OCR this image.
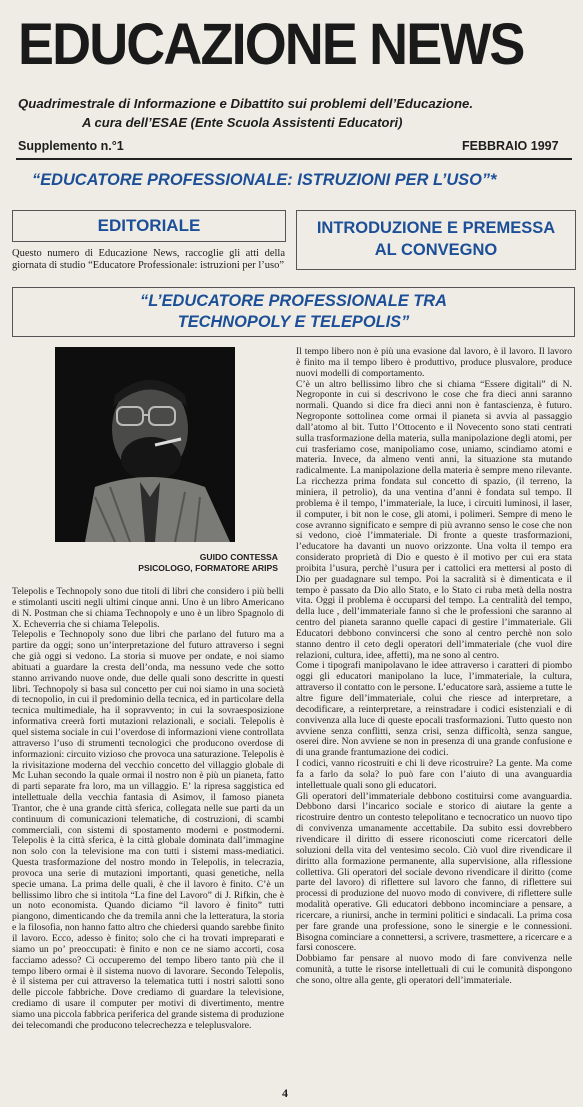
EDUCAZIONE NEWS
Quadrimestrale di Informazione e Dibattito sui problemi dell’Educazione.
A cura dell’ESAE (Ente Scuola Assistenti Educatori)
Supplemento n.°1	FEBBRAIO 1997
“EDUCATORE PROFESSIONALE: ISTRUZIONI PER L’USO”*
EDITORIALE
Questo numero di Educazione News, raccoglie gli atti della giornata di studio “Educatore Professionale: istruzioni per l’uso”
INTRODUZIONE E PREMESSA
AL CONVEGNO
“L’EDUCATORE PROFESSIONALE TRA
TECHNOPOLY E TELEPOLIS”
GUIDO CONTESSA
PSICOLOGO, FORMATORE ARIPS
Telepolis e Technopoly sono due titoli di libri che considero i più belli e stimolanti usciti negli ultimi cinque anni. Uno è un libro Americano di N. Postman che si chiama Technopoly e uno è un libro Spagnolo di X. Echeverria che si chiama Telepolis.
Telepolis e Technopoly sono due libri che parlano del futuro ma a partire da oggi; sono un’interpretazione del futuro attraverso i segni che già oggi si vedono. La storia si muove per ondate, e noi siamo abituati a guardare la cresta dell’onda, ma nessuno vede che sotto stanno arrivando nuove onde, due delle quali sono descritte in questi libri. Technopoly si basa sul concetto per cui noi siamo in una società di tecnopolio, in cui il predominio della tecnica, ed in particolare della tecnica multimediale, ha il sopravvento; in cui la sovraesposizione informativa creerà forti mutazioni relazionali, e sociali. Telepolis è quel sistema sociale in cui l’overdose di informazioni viene controllata attraverso l’uso di strumenti tecnologici che producono overdose di informazioni: circuito vizioso che provoca una saturazione. Telepolis è la rivisitazione moderna del vecchio concetto del villaggio globale di Mc Luhan secondo la quale ormai il nostro non è più un pianeta, fatto di parti separate fra loro, ma un villaggio. E’ la ripresa saggistica ed intellettuale della vecchia fantasia di Asimov, il famoso pianeta Trantor, che è una grande città sferica, collegata nelle sue parti da un continuum di comunicazioni telematiche, di costruzioni, di scambi commerciali, con sistemi di spostamento moderni e postmoderni. Telepolis è la città sferica, è la città globale dominata dall’immagine non solo con la televisione ma con tutti i sistemi mass-mediatici. Questa trasformazione del nostro mondo in Telepolis, in telecrazia, provoca una serie di mutazioni importanti, quasi genetiche, nella specie umana. La prima delle quali, è che il lavoro è finito. C’è un bellissimo libro che si intitola “La fine del Lavoro” di J. Rifkin, che è un noto economista. Quando diciamo “il lavoro è finito” tutti piangono, dimenticando che da tremila anni che la letteratura, la storia e la filosofia, non hanno fatto altro che chiedersi quando sarebbe finito il lavoro. Ecco, adesso è finito; solo che ci ha trovati impreparati e siamo un po’ preoccupati: è finito e non ce ne siamo accorti, cosa facciamo adesso? Ci occuperemo del tempo libero tanto più che il tempo libero ormai è il sistema nuovo di lavorare. Secondo Telepolis, è il sistema per cui attraverso la telematica tutti i nostri salotti sono delle piccole fabbriche. Dove crediamo di guardare la televisione, crediamo di usare il computer per motivi di divertimento, mentre siamo una piccola fabbrica periferica del grande sistema di produzione dei telecomandi che producono telecrechezza e teleplusvalore.
Il tempo libero non è più una evasione dal lavoro, è il lavoro. Il lavoro è finito ma il tempo libero è produttivo, produce plusvalore, produce nuovi modelli di comportamento.
C’è un altro bellissimo libro che si chiama “Essere digitali” di N. Negroponte in cui si descrivono le cose che fra dieci anni saranno normali. Quando si dice fra dieci anni non è fantascienza, è futuro. Negroponte sottolinea come ormai il pianeta si avvia al passaggio dall’atomo al bit. Tutto l’Ottocento e il Novecento sono stati centrati sulla trasformazione della materia, sulla manipolazione degli atomi, per cui trasferiamo cose, manipoliamo cose, uniamo, scindiamo atomi e materia. Invece, da almeno venti anni, la situazione sta mutando radicalmente. La manipolazione della materia è sempre meno rilevante. La ricchezza prima fondata sul concetto di spazio, (il terreno, la miniera, il petrolio), da una ventina d’anni è fondata sul tempo. Il problema è il tempo, l’immateriale, la luce, i circuiti luminosi, il laser, il computer, i bit non le cose, gli atomi, i polimeri. Sempre di meno le cose avranno significato e sempre di più avranno senso le cose che non si vedono, cioè l’immateriale. Di fronte a queste trasformazioni, l’educatore ha davanti un nuovo orizzonte. Una volta il tempo era considerato proprietà di Dio e questo è il motivo per cui era stata proibita l’usura, perchè l’usura per i cattolici era mettersi al posto di Dio per guadagnare sul tempo. Poi la sacralità si è dimenticata e il tempo è passato da Dio allo Stato, e lo Stato ci ruba metà della nostra vita. Oggi il problema è occuparsi del tempo. La centralità del tempo, della luce , dell’immateriale fanno sì che le professioni che saranno al centro del pianeta saranno quelle capaci di gestire l’immateriale. Gli Educatori debbono convincersi che sono al centro perchè non solo stanno dentro il ceto degli operatori dell’immateriale (che vuol dire relazioni, cultura, idee, affetti), ma ne sono al centro.
Come i tipografi manipolavano le idee attraverso i caratteri di piombo oggi gli educatori manipolano la luce, l’immateriale, la cultura, attraverso il contatto con le persone. L’educatore sarà, assieme a tutte le altre figure dell’immateriale, colui che riesce ad interpretare, a decodificare, a reinterpretare, a reinstradare i codici esistenziali e di convivenza alla luce di queste epocali trasformazioni. Tutto questo non avviene senza conflitti, senza crisi, senza difficoltà, senza sangue, oserei dire. Non avviene se non in presenza di una grande confusione e di una grande frantumazione dei codici.
I codici, vanno ricostruiti e chi li deve ricostruire? La gente. Ma come fa a farlo da sola? lo può fare con l’aiuto di una avanguardia intellettuale quali sono gli educatori.
Gli operatori dell’immateriale debbono costituirsi come avanguardia. Debbono darsi l’incarico sociale e storico di aiutare la gente a ricostruire dentro un contesto telepolitano e tecnocratico un nuovo tipo di convivenza umanamente accettabile. Da subito essi dovrebbero rivendicare il diritto di essere riconosciuti come ricercatori delle soluzioni della vita del ventesimo secolo. Ciò vuol dire rivendicare il diritto alla formazione permanente, alla supervisione, alla riflessione collettiva. Gli operatori del sociale devono rivendicare il diritto (come parte del lavoro) di riflettere sul lavoro che fanno, di riflettere sui processi di produzione del nuovo modo di convivere, di riflettere sulle modalità operative. Gli educatori debbono incominciare a pensare, a ricercare, a riunirsi, anche in termini politici e sindacali. La prima cosa per fare grande una professione, sono le sinergie e le connessioni. Bisogna cominciare a connettersi, a scrivere, trasmettere, a ricercare e a farsi conoscere.
Dobbiamo far pensare al nuovo modo di fare convivenza nelle comunità, a tutte le risorse intellettuali di cui le comunità dispongono che sono, oltre alla gente, gli operatori dell’immateriale.
4
